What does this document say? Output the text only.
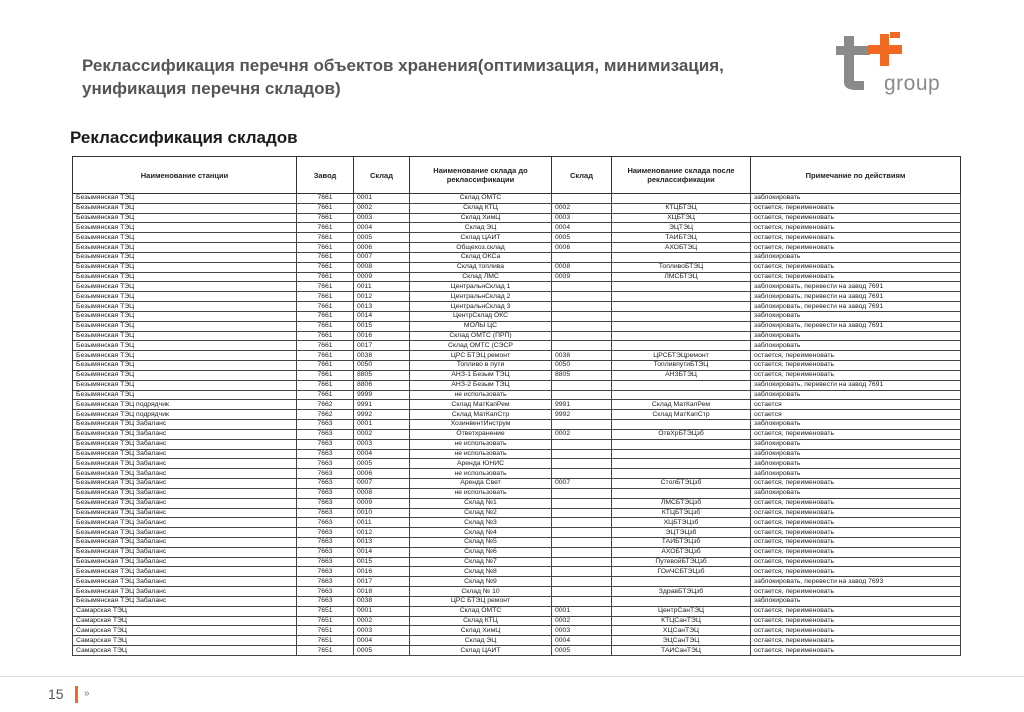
Реклассификация перечня объектов хранения(оптимизация, минимизация,
унификация перечня складов)	group
Реклассификация складов
Наименование станции	Завод	Склад	Наименование склада до реклассификации	Склад	Наименование склада после реклассификации	Примечание по действиям
Безымянская ТЭЦ	7661	0001	Склад ОМТС			заблокировать
Безымянская ТЭЦ	7661	0002	Склад КТЦ	0002	КТЦБТЭЦ	остается, переименовать
Безымянская ТЭЦ	7661	0003	Склад ХимЦ	0003	ХЦБТЭЦ	остается, переименовать
Безымянская ТЭЦ	7661	0004	Склад ЭЦ	0004	ЭЦТЭЦ	остается, переименовать
Безымянская ТЭЦ	7661	0005	Склад ЦАИТ	0005	ТАИБТЭЦ	остается, переименовать
Безымянская ТЭЦ	7661	0006	Общехоз.склад	0006	АХОБТЭЦ	остается, переименовать
Безымянская ТЭЦ	7661	0007	Склад ОКСа			заблокировать
Безымянская ТЭЦ	7661	0008	Склад топлива	0008	ТопливоБТЭЦ	остается, переименовать
Безымянская ТЭЦ	7661	0009	Склад ЛМС	0009	ЛМСБТЭЦ	остается, переименовать
Безымянская ТЭЦ	7661	0011	ЦентральнСклад 1			заблокировать, перевести на завод 7691
Безымянская ТЭЦ	7661	0012	ЦентральнСклад 2			заблокировать, перевести на завод 7691
Безымянская ТЭЦ	7661	0013	ЦентральнСклад 3			заблокировать, перевести на завод 7691
Безымянская ТЭЦ	7661	0014	ЦентрСклад ОКС			заблокировать
Безымянская ТЭЦ	7661	0015	МОЛЫ ЦС			заблокировать, перевести на завод 7691
Безымянская ТЭЦ	7661	0016	Склад ОМТС (ПРП)			заблокировать
Безымянская ТЭЦ	7661	0017	Склад ОМТС (СЭСР			заблокировать
Безымянская ТЭЦ	7661	0038	ЦРС БТЭЦ ремонт	0038	ЦРСБТЭЦремонт	остается, переименовать
Безымянская ТЭЦ	7661	0050	Топливо в пути	0050	ТопливпутиБТЭЦ	остается, переименовать
Безымянская ТЭЦ	7661	8805	АНЗ-1 Безым ТЭЦ	8805	АНЗБТЭЦ	остается, переименовать
Безымянская ТЭЦ	7661	8806	АНЗ-2 Безым ТЭЦ			заблокировать, перевести на завод 7691
Безымянская ТЭЦ	7661	9999	не использовать			заблокировать
Безымянская ТЭЦ подрядчик	7662	9991	Склад МатКапРем	9991	Склад МатКапРем	остается
Безымянская ТЭЦ подрядчик	7662	9992	Склад МатКапСтр	9992	Склад МатКапСтр	остается
Безымянская ТЭЦ Забаланс	7663	0001	ХозинвентИнструм			заблокировать
Безымянская ТЭЦ Забаланс	7663	0002	Ответхранение	0002	ОтвХрБТЭЦзб	остается, переименовать
Безымянская ТЭЦ Забаланс	7663	0003	не использовать			заблокировать
Безымянская ТЭЦ Забаланс	7663	0004	не использовать			заблокировать
Безымянская ТЭЦ Забаланс	7663	0005	Аренда ЮНИС			заблокировать
Безымянская ТЭЦ Забаланс	7663	0006	не использовать			заблокировать
Безымянская ТЭЦ Забаланс	7663	0007	Аренда Свет	0007	СтолБТЭЦзб	остается, переименовать
Безымянская ТЭЦ Забаланс	7663	0008	не использовать			заблокировать
Безымянская ТЭЦ Забаланс	7663	0009	Склад №1		ЛМСБТЭЦзб	остается, переименовать
Безымянская ТЭЦ Забаланс	7663	0010	Склад №2		КТЦБТЭЦзб	остается, переименовать
Безымянская ТЭЦ Забаланс	7663	0011	Склад №3		ХЦБТЭЦзб	остается, переименовать
Безымянская ТЭЦ Забаланс	7663	0012	Склад №4		ЭЦТЭЦзб	остается, переименовать
Безымянская ТЭЦ Забаланс	7663	0013	Склад №5		ТАИБТЭЦзб	остается, переименовать
Безымянская ТЭЦ Забаланс	7663	0014	Склад №6		АХОБТЭЦзб	остается, переименовать
Безымянская ТЭЦ Забаланс	7663	0015	Склад №7		ПутевойБТЭЦзб	остается, переименовать
Безымянская ТЭЦ Забаланс	7663	0016	Склад №8		ГОиЧСБТЭЦзб	остается, переименовать
Безымянская ТЭЦ Забаланс	7663	0017	Склад №9			заблокировать, перевести на завод 7693
Безымянская ТЭЦ Забаланс	7663	0018	Склад № 10		ЗдравБТЭЦзб	остается, переименовать
Безымянская ТЭЦ Забаланс	7663	0038	ЦРС БТЭЦ ремонт			заблокировать
Самарская ТЭЦ	7651	0001	Склад ОМТС	0001	ЦентрСанТЭЦ	остается, переименовать
Самарская ТЭЦ	7651	0002	Склад КТЦ	0002	КТЦСанТЭЦ	остается, переименовать
Самарская ТЭЦ	7651	0003	Склад ХимЦ	0003	ХЦСанТЭЦ	остается, переименовать
Самарская ТЭЦ	7651	0004	Склад ЭЦ	0004	ЭЦСанТЭЦ	остается, переименовать
Самарская ТЭЦ	7651	0005	Склад ЦАИТ	0005	ТАИСанТЭЦ	остается, переименовать
15 »
